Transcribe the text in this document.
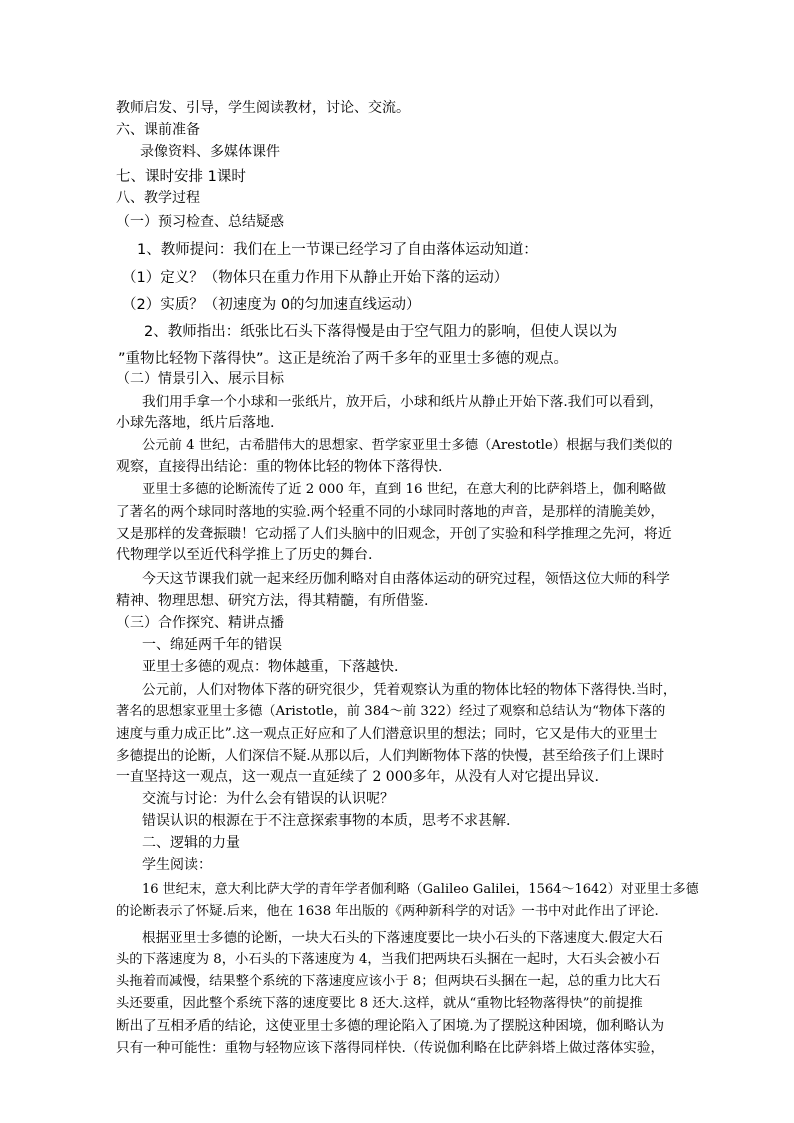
教师启发、引导，学生阅读教材，讨论、交流。
六、课前准备
录像资料、多媒体课件
七、课时安排 1课时
八、教学过程
（一）预习检查、总结疑惑
1、教师提问：我们在上一节课已经学习了自由落体运动知道：
（1）定义？（物体只在重力作用下从静止开始下落的运动）
（2）实质？（初速度为 0的匀加速直线运动）
2、教师指出：纸张比石头下落得慢是由于空气阻力的影响，但使人误以为
”重物比轻物下落得快”。这正是统治了两千多年的亚里士多德的观点。
（二）情景引入、展示目标
我们用手拿一个小球和一张纸片，放开后，小球和纸片从静止开始下落.我们可以看到，
小球先落地，纸片后落地.
公元前 4 世纪，古希腊伟大的思想家、哲学家亚里士多德（Arestotle）根据与我们类似的
观察，直接得出结论：重的物体比轻的物体下落得快.
亚里士多德的论断流传了近 2 000 年，直到 16 世纪，在意大利的比萨斜塔上，伽利略做
了著名的两个球同时落地的实验.两个轻重不同的小球同时落地的声音，是那样的清脆美妙，
又是那样的发聋振聩！它动摇了人们头脑中的旧观念，开创了实验和科学推理之先河，将近
代物理学以至近代科学推上了历史的舞台.
今天这节课我们就一起来经历伽利略对自由落体运动的研究过程，领悟这位大师的科学
精神、物理思想、研究方法，得其精髓，有所借鉴.
（三）合作探究、精讲点播
一、绵延两千年的错误
亚里士多德的观点：物体越重，下落越快.
公元前，人们对物体下落的研究很少，凭着观察认为重的物体比轻的物体下落得快.当时，
著名的思想家亚里士多德（Aristotle，前 384～前 322）经过了观察和总结认为“物体下落的
速度与重力成正比”.这一观点正好应和了人们潜意识里的想法；同时，它又是伟大的亚里士
多德提出的论断，人们深信不疑.从那以后，人们判断物体下落的快慢，甚至给孩子们上课时
一直坚持这一观点，这一观点一直延续了 2 000多年，从没有人对它提出异议.
交流与讨论：为什么会有错误的认识呢？
错误认识的根源在于不注意探索事物的本质，思考不求甚解.
二、逻辑的力量
学生阅读：
16 世纪末，意大利比萨大学的青年学者伽利略（Galileo Galilei，1564～1642）对亚里士多德
的论断表示了怀疑.后来，他在 1638 年出版的《两种新科学的对话》一书中对此作出了评论.
根据亚里士多德的论断，一块大石头的下落速度要比一块小石头的下落速度大.假定大石
头的下落速度为 8，小石头的下落速度为 4，当我们把两块石头捆在一起时，大石头会被小石
头拖着而减慢，结果整个系统的下落速度应该小于 8；但两块石头捆在一起，总的重力比大石
头还要重，因此整个系统下落的速度要比 8 还大.这样，就从“重物比轻物落得快”的前提推
断出了互相矛盾的结论，这使亚里士多德的理论陷入了困境.为了摆脱这种困境，伽利略认为
只有一种可能性：重物与轻物应该下落得同样快.（传说伽利略在比萨斜塔上做过落体实验，
